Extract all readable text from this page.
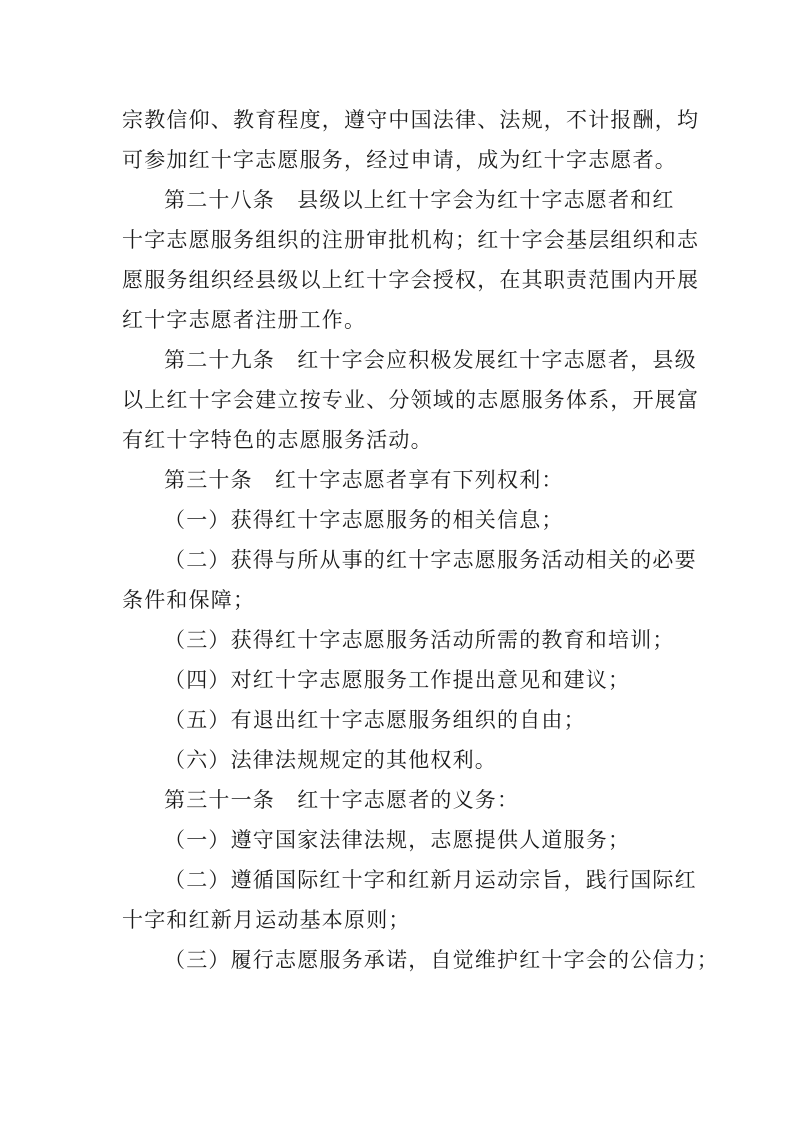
宗教信仰、教育程度，遵守中国法律、法规，不计报酬，均
可参加红十字志愿服务，经过申请，成为红十字志愿者。
第二十八条　县级以上红十字会为红十字志愿者和红
十字志愿服务组织的注册审批机构；红十字会基层组织和志
愿服务组织经县级以上红十字会授权，在其职责范围内开展
红十字志愿者注册工作。
第二十九条　红十字会应积极发展红十字志愿者，县级
以上红十字会建立按专业、分领域的志愿服务体系，开展富
有红十字特色的志愿服务活动。
第三十条　红十字志愿者享有下列权利：
（一）获得红十字志愿服务的相关信息；
（二）获得与所从事的红十字志愿服务活动相关的必要
条件和保障；
（三）获得红十字志愿服务活动所需的教育和培训；
（四）对红十字志愿服务工作提出意见和建议；
（五）有退出红十字志愿服务组织的自由；
（六）法律法规规定的其他权利。
第三十一条　红十字志愿者的义务：
（一）遵守国家法律法规，志愿提供人道服务；
（二）遵循国际红十字和红新月运动宗旨，践行国际红
十字和红新月运动基本原则；
（三）履行志愿服务承诺，自觉维护红十字会的公信力；
